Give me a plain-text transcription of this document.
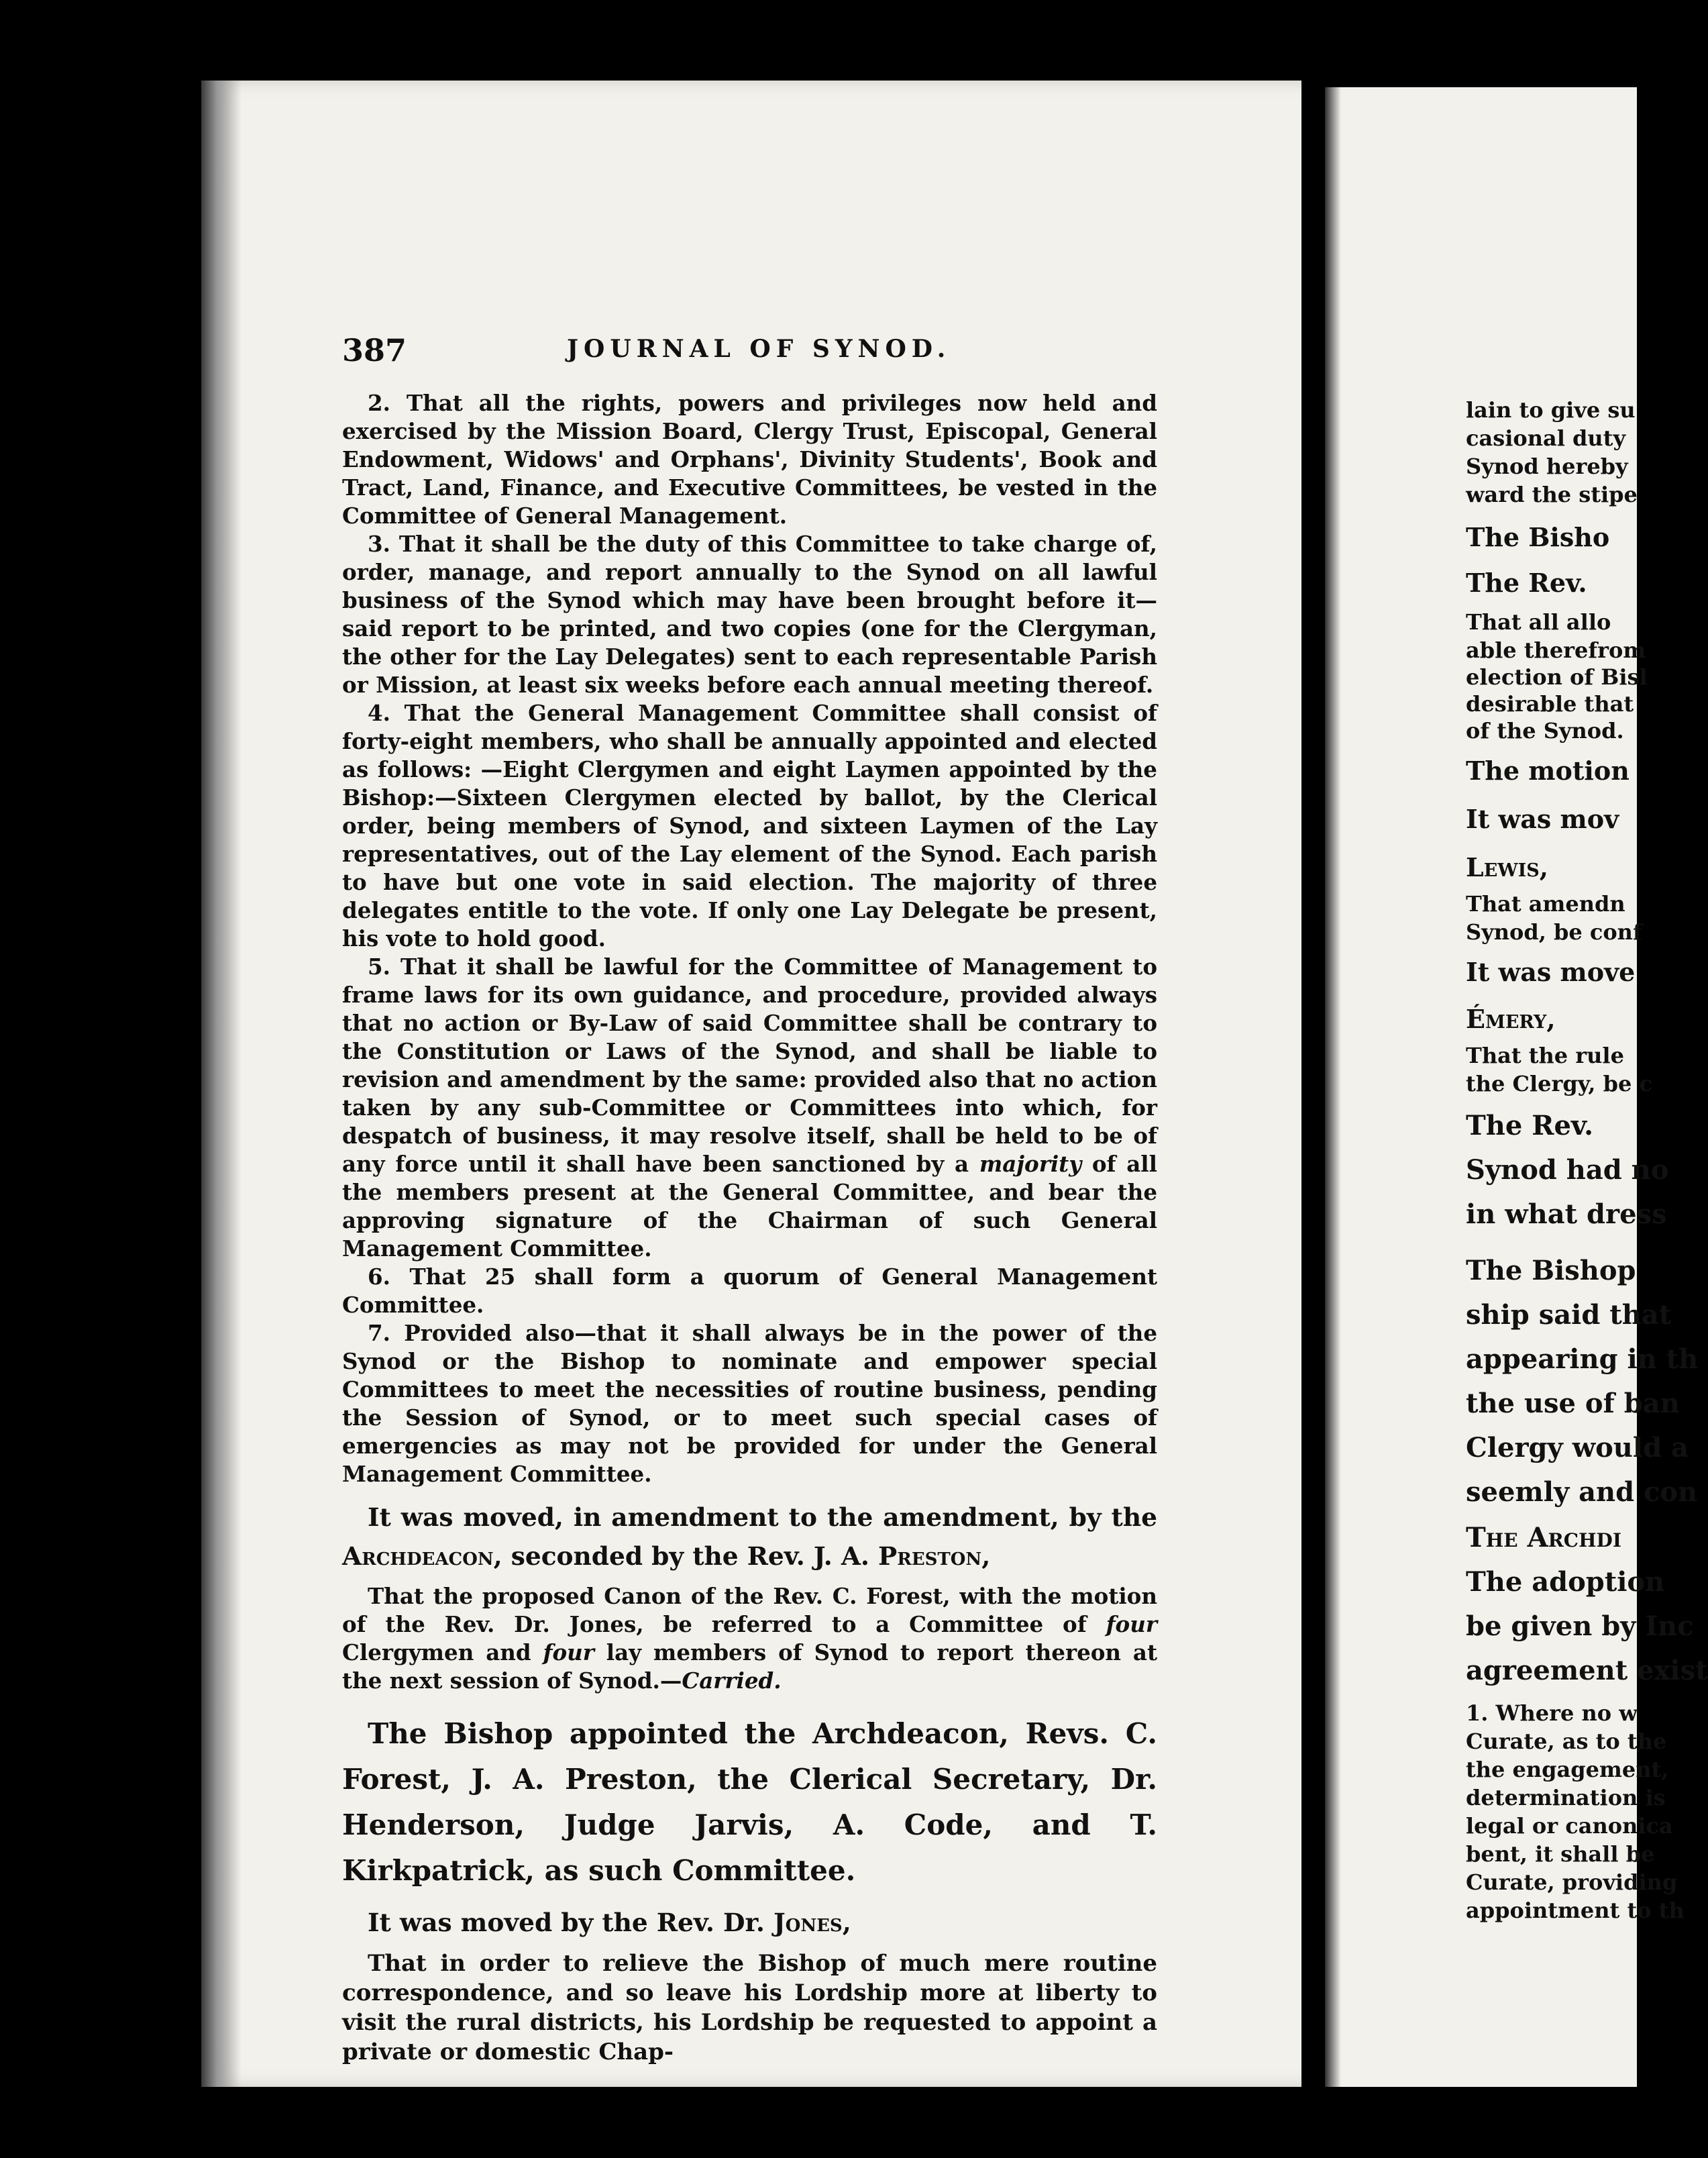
lain to give su
casional duty
Synod hereby
ward the stipe
The Bisho
The Rev.
That all allo
able therefrom
election of Bisl
desirable that
of the Synod.
The motion
It was mov
Lewis,
That amendn
Synod, be conf
It was move
Émery,
That the rule
the Clergy, be c
The Rev.
Synod had no
in what dress
The Bishop
ship said that
appearing in th
the use of ban
Clergy would a
seemly and con
The Archdi
The adoption
be given by Inc
agreement exist
1. Where no w
Curate, as to the
the engagement,
determination is
legal or canonica
bent, it shall be
Curate, providing
appointment to th
387	JOURNAL OF SYNOD.

2. That all the rights, powers and privileges now held and exercised by the Mission Board, Clergy Trust, Episcopal, General Endowment, Widows' and Orphans', Divinity Students', Book and Tract, Land, Finance, and Executive Committees, be vested in the Committee of General Management.

3. That it shall be the duty of this Committee to take charge of, order, manage, and report annually to the Synod on all lawful business of the Synod which may have been brought before it—said report to be printed, and two copies (one for the Clergyman, the other for the Lay Delegates) sent to each representable Parish or Mission, at least six weeks before each annual meeting thereof.

4. That the General Management Committee shall consist of forty-eight members, who shall be annually appointed and elected as follows: —Eight Clergymen and eight Laymen appointed by the Bishop:—Sixteen Clergymen elected by ballot, by the Clerical order, being members of Synod, and sixteen Laymen of the Lay representatives, out of the Lay element of the Synod. Each parish to have but one vote in said election. The majority of three delegates entitle to the vote. If only one Lay Delegate be present, his vote to hold good.

5. That it shall be lawful for the Committee of Management to frame laws for its own guidance, and procedure, provided always that no action or By-Law of said Committee shall be contrary to the Constitution or Laws of the Synod, and shall be liable to revision and amendment by the same: provided also that no action taken by any sub-Committee or Committees into which, for despatch of business, it may resolve itself, shall be held to be of any force until it shall have been sanctioned by a majority of all the members present at the General Committee, and bear the approving signature of the Chairman of such General Management Committee.

6. That 25 shall form a quorum of General Management Committee.

7. Provided also—that it shall always be in the power of the Synod or the Bishop to nominate and empower special Committees to meet the necessities of routine business, pending the Session of Synod, or to meet such special cases of emergencies as may not be provided for under the General Management Committee.

It was moved, in amendment to the amendment, by the Archdeacon, seconded by the Rev. J. A. Preston,

That the proposed Canon of the Rev. C. Forest, with the motion of the Rev. Dr. Jones, be referred to a Committee of four Clergymen and four lay members of Synod to report thereon at the next session of Synod.—Carried.

The Bishop appointed the Archdeacon, Revs. C. Forest, J. A. Preston, the Clerical Secretary, Dr. Henderson, Judge Jarvis, A. Code, and T. Kirkpatrick, as such Committee.

It was moved by the Rev. Dr. Jones,

That in order to relieve the Bishop of much mere routine correspondence, and so leave his Lordship more at liberty to visit the rural districts, his Lordship be requested to appoint a private or domestic Chap-
